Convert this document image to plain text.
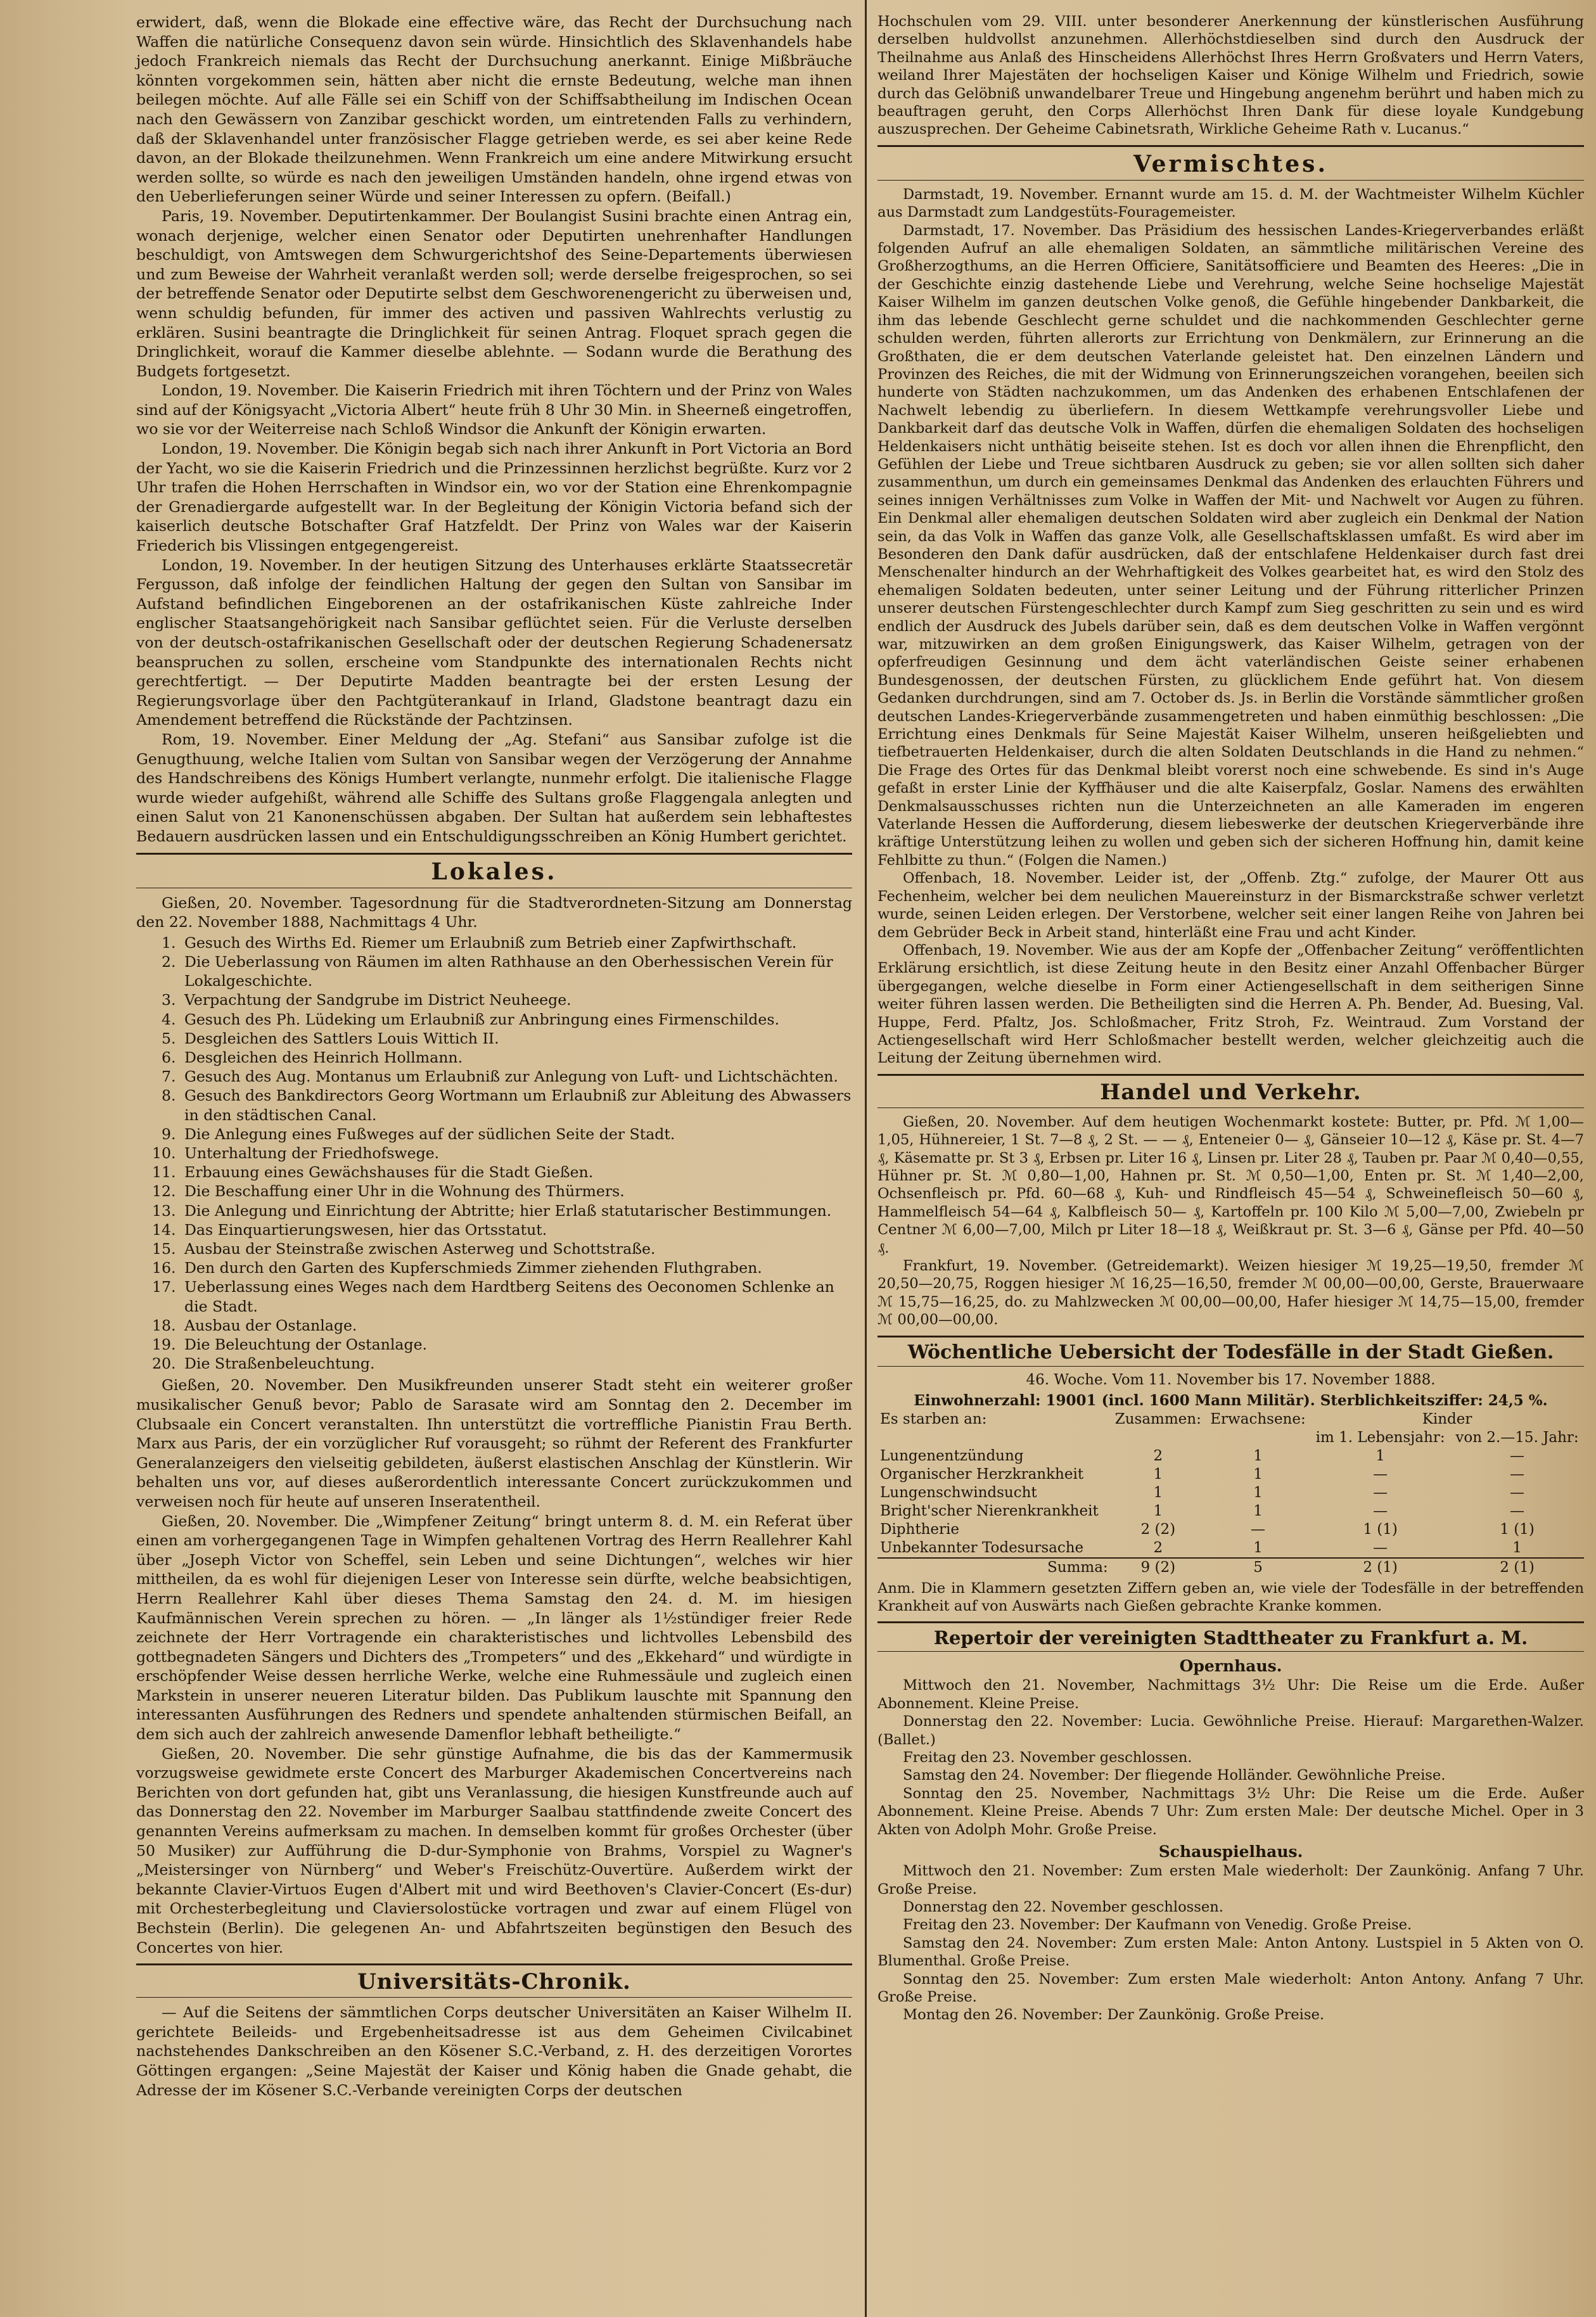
erwidert, daß, wenn die Blokade eine effective wäre, das Recht der Durchsuchung nach Waffen die natürliche Consequenz davon sein würde. Hinsichtlich des Sklavenhandels habe jedoch Frankreich niemals das Recht der Durchsuchung anerkannt. Einige Mißbräuche könnten vorgekommen sein, hätten aber nicht die ernste Bedeutung, welche man ihnen beilegen möchte. Auf alle Fälle sei ein Schiff von der Schiffsabtheilung im Indischen Ocean nach den Gewässern von Zanzibar geschickt worden, um eintretenden Falls zu verhindern, daß der Sklavenhandel unter französischer Flagge getrieben werde, es sei aber keine Rede davon, an der Blokade theilzunehmen. Wenn Frankreich um eine andere Mitwirkung ersucht werden sollte, so würde es nach den jeweiligen Umständen handeln, ohne irgend etwas von den Ueberlieferungen seiner Würde und seiner Interessen zu opfern. (Beifall.)

Paris, 19. November. Deputirtenkammer. Der Boulangist Susini brachte einen Antrag ein, wonach derjenige, welcher einen Senator oder Deputirten unehrenhafter Handlungen beschuldigt, von Amtswegen dem Schwurgerichtshof des Seine-Departements überwiesen und zum Beweise der Wahrheit veranlaßt werden soll; werde derselbe freigesprochen, so sei der betreffende Senator oder Deputirte selbst dem Geschworenengericht zu überweisen und, wenn schuldig befunden, für immer des activen und passiven Wahlrechts verlustig zu erklären. Susini beantragte die Dringlichkeit für seinen Antrag. Floquet sprach gegen die Dringlichkeit, worauf die Kammer dieselbe ablehnte. — Sodann wurde die Berathung des Budgets fortgesetzt.

London, 19. November. Die Kaiserin Friedrich mit ihren Töchtern und der Prinz von Wales sind auf der Königsyacht „Victoria Albert“ heute früh 8 Uhr 30 Min. in Sheerneß eingetroffen, wo sie vor der Weiterreise nach Schloß Windsor die Ankunft der Königin erwarten.

London, 19. November. Die Königin begab sich nach ihrer Ankunft in Port Victoria an Bord der Yacht, wo sie die Kaiserin Friedrich und die Prinzessinnen herzlichst begrüßte. Kurz vor 2 Uhr trafen die Hohen Herrschaften in Windsor ein, wo vor der Station eine Ehrenkompagnie der Grenadiergarde aufgestellt war. In der Begleitung der Königin Victoria befand sich der kaiserlich deutsche Botschafter Graf Hatzfeldt. Der Prinz von Wales war der Kaiserin Friederich bis Vlissingen entgegengereist.

London, 19. November. In der heutigen Sitzung des Unterhauses erklärte Staatssecretär Fergusson, daß infolge der feindlichen Haltung der gegen den Sultan von Sansibar im Aufstand befindlichen Eingeborenen an der ostafrikanischen Küste zahlreiche Inder englischer Staatsangehörigkeit nach Sansibar geflüchtet seien. Für die Verluste derselben von der deutsch-ostafrikanischen Gesellschaft oder der deutschen Regierung Schadenersatz beanspruchen zu sollen, erscheine vom Standpunkte des internationalen Rechts nicht gerechtfertigt. — Der Deputirte Madden beantragte bei der ersten Lesung der Regierungsvorlage über den Pachtgüterankauf in Irland, Gladstone beantragt dazu ein Amendement betreffend die Rückstände der Pachtzinsen.

Rom, 19. November. Einer Meldung der „Ag. Stefani“ aus Sansibar zufolge ist die Genugthuung, welche Italien vom Sultan von Sansibar wegen der Verzögerung der Annahme des Handschreibens des Königs Humbert verlangte, nunmehr erfolgt. Die italienische Flagge wurde wieder aufgehißt, während alle Schiffe des Sultans große Flaggengala anlegten und einen Salut von 21 Kanonenschüssen abgaben. Der Sultan hat außerdem sein lebhaftestes Bedauern ausdrücken lassen und ein Entschuldigungsschreiben an König Humbert gerichtet.

Lokales.

Gießen, 20. November. Tagesordnung für die Stadtverordneten-Sitzung am Donnerstag den 22. November 1888, Nachmittags 4 Uhr.

1. Gesuch des Wirths Ed. Riemer um Erlaubniß zum Betrieb einer Zapfwirthschaft.
2. Die Ueberlassung von Räumen im alten Rathhause an den Oberhessischen Verein für Lokalgeschichte.
3. Verpachtung der Sandgrube im District Neuheege.
4. Gesuch des Ph. Lüdeking um Erlaubniß zur Anbringung eines Firmenschildes.
5. Desgleichen des Sattlers Louis Wittich II.
6. Desgleichen des Heinrich Hollmann.
7. Gesuch des Aug. Montanus um Erlaubniß zur Anlegung von Luft- und Lichtschächten.
8. Gesuch des Bankdirectors Georg Wortmann um Erlaubniß zur Ableitung des Abwassers in den städtischen Canal.
9. Die Anlegung eines Fußweges auf der südlichen Seite der Stadt.
10. Unterhaltung der Friedhofswege.
11. Erbauung eines Gewächshauses für die Stadt Gießen.
12. Die Beschaffung einer Uhr in die Wohnung des Thürmers.
13. Die Anlegung und Einrichtung der Abtritte; hier Erlaß statutarischer Bestimmungen.
14. Das Einquartierungswesen, hier das Ortsstatut.
15. Ausbau der Steinstraße zwischen Asterweg und Schottstraße.
16. Den durch den Garten des Kupferschmieds Zimmer ziehenden Fluthgraben.
17. Ueberlassung eines Weges nach dem Hardtberg Seitens des Oeconomen Schlenke an die Stadt.
18. Ausbau der Ostanlage.
19. Die Beleuchtung der Ostanlage.
20. Die Straßenbeleuchtung.

Gießen, 20. November. Den Musikfreunden unserer Stadt steht ein weiterer großer musikalischer Genuß bevor; Pablo de Sarasate wird am Sonntag den 2. December im Clubsaale ein Concert veranstalten. Ihn unterstützt die vortreffliche Pianistin Frau Berth. Marx aus Paris, der ein vorzüglicher Ruf vorausgeht; so rühmt der Referent des Frankfurter Generalanzeigers den vielseitig gebildeten, äußerst elastischen Anschlag der Künstlerin. Wir behalten uns vor, auf dieses außerordentlich interessante Concert zurückzukommen und verweisen noch für heute auf unseren Inseratentheil.

Gießen, 20. November. Die „Wimpfener Zeitung“ bringt unterm 8. d. M. ein Referat über einen am vorhergegangenen Tage in Wimpfen gehaltenen Vortrag des Herrn Reallehrer Kahl über „Joseph Victor von Scheffel, sein Leben und seine Dichtungen“, welches wir hier mittheilen, da es wohl für diejenigen Leser von Interesse sein dürfte, welche beabsichtigen, Herrn Reallehrer Kahl über dieses Thema Samstag den 24. d. M. im hiesigen Kaufmännischen Verein sprechen zu hören. — „In länger als 1½stündiger freier Rede zeichnete der Herr Vortragende ein charakteristisches und lichtvolles Lebensbild des gottbegnadeten Sängers und Dichters des „Trompeters“ und des „Ekkehard“ und würdigte in erschöpfender Weise dessen herrliche Werke, welche eine Ruhmessäule und zugleich einen Markstein in unserer neueren Literatur bilden. Das Publikum lauschte mit Spannung den interessanten Ausführungen des Redners und spendete anhaltenden stürmischen Beifall, an dem sich auch der zahlreich anwesende Damenflor lebhaft betheiligte.“

Gießen, 20. November. Die sehr günstige Aufnahme, die bis das der Kammermusik vorzugsweise gewidmete erste Concert des Marburger Akademischen Concertvereins nach Berichten von dort gefunden hat, gibt uns Veranlassung, die hiesigen Kunstfreunde auch auf das Donnerstag den 22. November im Marburger Saalbau stattfindende zweite Concert des genannten Vereins aufmerksam zu machen. In demselben kommt für großes Orchester (über 50 Musiker) zur Aufführung die D-dur-Symphonie von Brahms, Vorspiel zu Wagner's „Meistersinger von Nürnberg“ und Weber's Freischütz-Ouvertüre. Außerdem wirkt der bekannte Clavier-Virtuos Eugen d'Albert mit und wird Beethoven's Clavier-Concert (Es-dur) mit Orchesterbegleitung und Claviersolostücke vortragen und zwar auf einem Flügel von Bechstein (Berlin). Die gelegenen An- und Abfahrtszeiten begünstigen den Besuch des Concertes von hier.

Universitäts-Chronik.

— Auf die Seitens der sämmtlichen Corps deutscher Universitäten an Kaiser Wilhelm II. gerichtete Beileids- und Ergebenheitsadresse ist aus dem Geheimen Civilcabinet nachstehendes Dankschreiben an den Kösener S.C.-Verband, z. H. des derzeitigen Vorortes Göttingen ergangen: „Seine Majestät der Kaiser und König haben die Gnade gehabt, die Adresse der im Kösener S.C.-Verbande vereinigten Corps der deutschen

Hochschulen vom 29. VIII. unter besonderer Anerkennung der künstlerischen Ausführung derselben huldvollst anzunehmen. Allerhöchstdieselben sind durch den Ausdruck der Theilnahme aus Anlaß des Hinscheidens Allerhöchst Ihres Herrn Großvaters und Herrn Vaters, weiland Ihrer Majestäten der hochseligen Kaiser und Könige Wilhelm und Friedrich, sowie durch das Gelöbniß unwandelbarer Treue und Hingebung angenehm berührt und haben mich zu beauftragen geruht, den Corps Allerhöchst Ihren Dank für diese loyale Kundgebung auszusprechen. Der Geheime Cabinetsrath, Wirkliche Geheime Rath v. Lucanus.“

Vermischtes.

Darmstadt, 19. November. Ernannt wurde am 15. d. M. der Wachtmeister Wilhelm Küchler aus Darmstadt zum Landgestüts-Fouragemeister.

Darmstadt, 17. November. Das Präsidium des hessischen Landes-Kriegerverbandes erläßt folgenden Aufruf an alle ehemaligen Soldaten, an sämmtliche militärischen Vereine des Großherzogthums, an die Herren Officiere, Sanitätsofficiere und Beamten des Heeres: „Die in der Geschichte einzig dastehende Liebe und Verehrung, welche Seine hochselige Majestät Kaiser Wilhelm im ganzen deutschen Volke genoß, die Gefühle hingebender Dankbarkeit, die ihm das lebende Geschlecht gerne schuldet und die nachkommenden Geschlechter gerne schulden werden, führten allerorts zur Errichtung von Denkmälern, zur Erinnerung an die Großthaten, die er dem deutschen Vaterlande geleistet hat. Den einzelnen Ländern und Provinzen des Reiches, die mit der Widmung von Erinnerungszeichen vorangehen, beeilen sich hunderte von Städten nachzukommen, um das Andenken des erhabenen Entschlafenen der Nachwelt lebendig zu überliefern. In diesem Wettkampfe verehrungsvoller Liebe und Dankbarkeit darf das deutsche Volk in Waffen, dürfen die ehemaligen Soldaten des hochseligen Heldenkaisers nicht unthätig beiseite stehen. Ist es doch vor allen ihnen die Ehrenpflicht, den Gefühlen der Liebe und Treue sichtbaren Ausdruck zu geben; sie vor allen sollten sich daher zusammenthun, um durch ein gemeinsames Denkmal das Andenken des erlauchten Führers und seines innigen Verhältnisses zum Volke in Waffen der Mit- und Nachwelt vor Augen zu führen. Ein Denkmal aller ehemaligen deutschen Soldaten wird aber zugleich ein Denkmal der Nation sein, da das Volk in Waffen das ganze Volk, alle Gesellschaftsklassen umfaßt. Es wird aber im Besonderen den Dank dafür ausdrücken, daß der entschlafene Heldenkaiser durch fast drei Menschenalter hindurch an der Wehrhaftigkeit des Volkes gearbeitet hat, es wird den Stolz des ehemaligen Soldaten bedeuten, unter seiner Leitung und der Führung ritterlicher Prinzen unserer deutschen Fürstengeschlechter durch Kampf zum Sieg geschritten zu sein und es wird endlich der Ausdruck des Jubels darüber sein, daß es dem deutschen Volke in Waffen vergönnt war, mitzuwirken an dem großen Einigungswerk, das Kaiser Wilhelm, getragen von der opferfreudigen Gesinnung und dem ächt vaterländischen Geiste seiner erhabenen Bundesgenossen, der deutschen Fürsten, zu glücklichem Ende geführt hat. Von diesem Gedanken durchdrungen, sind am 7. October ds. Js. in Berlin die Vorstände sämmtlicher großen deutschen Landes-Kriegerverbände zusammengetreten und haben einmüthig beschlossen: „Die Errichtung eines Denkmals für Seine Majestät Kaiser Wilhelm, unseren heißgeliebten und tiefbetrauerten Heldenkaiser, durch die alten Soldaten Deutschlands in die Hand zu nehmen.“ Die Frage des Ortes für das Denkmal bleibt vorerst noch eine schwebende. Es sind in's Auge gefaßt in erster Linie der Kyffhäuser und die alte Kaiserpfalz, Goslar. Namens des erwählten Denkmalsausschusses richten nun die Unterzeichneten an alle Kameraden im engeren Vaterlande Hessen die Aufforderung, diesem liebeswerke der deutschen Kriegerverbände ihre kräftige Unterstützung leihen zu wollen und geben sich der sicheren Hoffnung hin, damit keine Fehlbitte zu thun.“ (Folgen die Namen.)

Offenbach, 18. November. Leider ist, der „Offenb. Ztg.“ zufolge, der Maurer Ott aus Fechenheim, welcher bei dem neulichen Mauereinsturz in der Bismarckstraße schwer verletzt wurde, seinen Leiden erlegen. Der Verstorbene, welcher seit einer langen Reihe von Jahren bei dem Gebrüder Beck in Arbeit stand, hinterläßt eine Frau und acht Kinder.

Offenbach, 19. November. Wie aus der am Kopfe der „Offenbacher Zeitung“ veröffentlichten Erklärung ersichtlich, ist diese Zeitung heute in den Besitz einer Anzahl Offenbacher Bürger übergegangen, welche dieselbe in Form einer Actiengesellschaft in dem seitherigen Sinne weiter führen lassen werden. Die Betheiligten sind die Herren A. Ph. Bender, Ad. Buesing, Val. Huppe, Ferd. Pfaltz, Jos. Schloßmacher, Fritz Stroh, Fz. Weintraud. Zum Vorstand der Actiengesellschaft wird Herr Schloßmacher bestellt werden, welcher gleichzeitig auch die Leitung der Zeitung übernehmen wird.

Handel und Verkehr.

Gießen, 20. November. Auf dem heutigen Wochenmarkt kostete: Butter, pr. Pfd. ℳ 1,00—1,05, Hühnereier, 1 St. 7—8 ₰, 2 St. — — ₰, Enteneier 0— ₰, Gänseier 10—12 ₰, Käse pr. St. 4—7 ₰, Käsematte pr. St 3 ₰, Erbsen pr. Liter 16 ₰, Linsen pr. Liter 28 ₰, Tauben pr. Paar ℳ 0,40—0,55, Hühner pr. St. ℳ 0,80—1,00, Hahnen pr. St. ℳ 0,50—1,00, Enten pr. St. ℳ 1,40—2,00, Ochsenfleisch pr. Pfd. 60—68 ₰, Kuh- und Rindfleisch 45—54 ₰, Schweinefleisch 50—60 ₰, Hammelfleisch 54—64 ₰, Kalbfleisch 50— ₰, Kartoffeln pr. 100 Kilo ℳ 5,00—7,00, Zwiebeln pr Centner ℳ 6,00—7,00, Milch pr Liter 18—18 ₰, Weißkraut pr. St. 3—6 ₰, Gänse per Pfd. 40—50 ₰.

Frankfurt, 19. November. (Getreidemarkt). Weizen hiesiger ℳ 19,25—19,50, fremder ℳ 20,50—20,75, Roggen hiesiger ℳ 16,25—16,50, fremder ℳ 00,00—00,00, Gerste, Brauerwaare ℳ 15,75—16,25, do. zu Mahlzwecken ℳ 00,00—00,00, Hafer hiesiger ℳ 14,75—15,00, fremder ℳ 00,00—00,00.

Wöchentliche Uebersicht der Todesfälle in der Stadt Gießen.
46. Woche. Vom 11. November bis 17. November 1888.
Einwohnerzahl: 19001 (incl. 1600 Mann Militär). Sterblichkeitsziffer: 24,5 %.
Es starben an:	Zusammen:	Erwachsene:	Kinder	
			im 1. Lebensjahr:	von 2.—15. Jahr:
Lungenentzündung	2	1	1	—
Organischer Herzkrankheit	1	1	—	—
Lungenschwindsucht	1	1	—	—
Bright'scher Nierenkrankheit	1	1	—	—
Diphtherie	2 (2)	—	1 (1)	1 (1)
Unbekannter Todesursache	2	1	—	1
Summa:	9 (2)	5	2 (1)	2 (1)
Anm. Die in Klammern gesetzten Ziffern geben an, wie viele der Todesfälle in der betreffenden Krankheit auf von Auswärts nach Gießen gebrachte Kranke kommen.
Repertoir der vereinigten Stadttheater zu Frankfurt a. M.
Opernhaus.

Mittwoch den 21. November, Nachmittags 3½ Uhr: Die Reise um die Erde. Außer Abonnement. Kleine Preise.

Donnerstag den 22. November: Lucia. Gewöhnliche Preise. Hierauf: Margarethen-Walzer. (Ballet.)

Freitag den 23. November geschlossen.

Samstag den 24. November: Der fliegende Holländer. Gewöhnliche Preise.

Sonntag den 25. November, Nachmittags 3½ Uhr: Die Reise um die Erde. Außer Abonnement. Kleine Preise. Abends 7 Uhr: Zum ersten Male: Der deutsche Michel. Oper in 3 Akten von Adolph Mohr. Große Preise.

Schauspielhaus.

Mittwoch den 21. November: Zum ersten Male wiederholt: Der Zaunkönig. Anfang 7 Uhr. Große Preise.

Donnerstag den 22. November geschlossen.

Freitag den 23. November: Der Kaufmann von Venedig. Große Preise.

Samstag den 24. November: Zum ersten Male: Anton Antony. Lustspiel in 5 Akten von O. Blumenthal. Große Preise.

Sonntag den 25. November: Zum ersten Male wiederholt: Anton Antony. Anfang 7 Uhr. Große Preise.

Montag den 26. November: Der Zaunkönig. Große Preise.
